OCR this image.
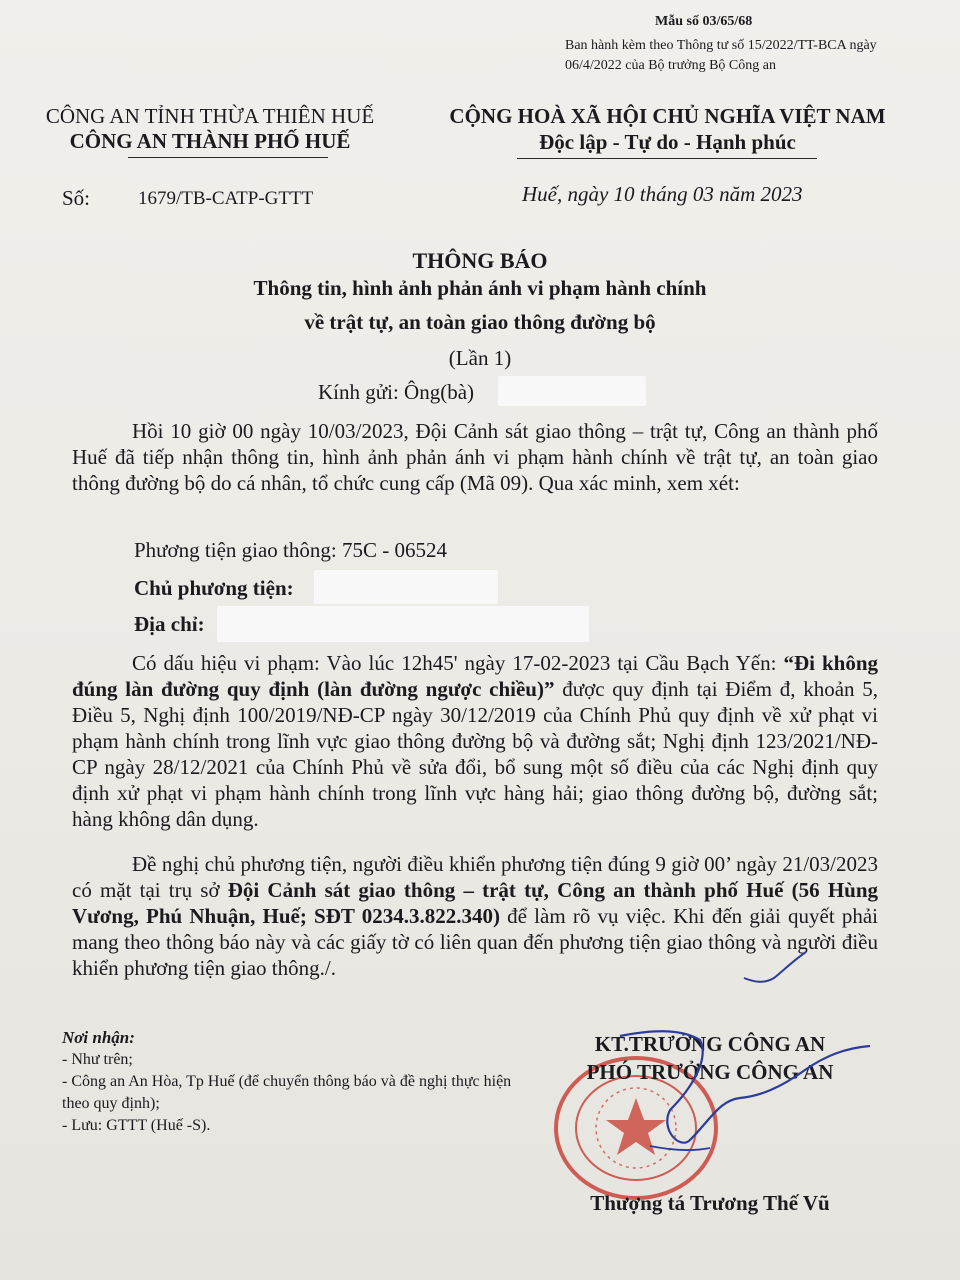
Mẫu số 03/65/68
Ban hành kèm theo Thông tư số 15/2022/TT-BCA ngày 06/4/2022 của Bộ trưởng Bộ Công an
CÔNG AN TỈNH THỪA THIÊN HUẾ
CÔNG AN THÀNH PHỐ HUẾ
CỘNG HOÀ XÃ HỘI CHỦ NGHĨA VIỆT NAM
Độc lập - Tự do - Hạnh phúc
Số:	1679/TB-CATP-GTTT	Huế, ngày 10 tháng 03 năm 2023
THÔNG BÁO
Thông tin, hình ảnh phản ánh vi phạm hành chính
về trật tự, an toàn giao thông đường bộ
(Lần 1)
Kính gửi: Ông(bà)
Hồi 10 giờ 00 ngày 10/03/2023, Đội Cảnh sát giao thông – trật tự, Công an thành phố Huế đã tiếp nhận thông tin, hình ảnh phản ánh vi phạm hành chính về trật tự, an toàn giao thông đường bộ do cá nhân, tổ chức cung cấp (Mã 09). Qua xác minh, xem xét:
Phương tiện giao thông: 75C - 06524
Chủ phương tiện:
Địa chỉ:
Có dấu hiệu vi phạm: Vào lúc 12h45' ngày 17-02-2023 tại Cầu Bạch Yến: “Đi không đúng làn đường quy định (làn đường ngược chiều)” được quy định tại Điểm đ, khoản 5, Điều 5, Nghị định 100/2019/NĐ-CP ngày 30/12/2019 của Chính Phủ quy định về xử phạt vi phạm hành chính trong lĩnh vực giao thông đường bộ và đường sắt; Nghị định 123/2021/NĐ-CP ngày 28/12/2021 của Chính Phủ về sửa đổi, bổ sung một số điều của các Nghị định quy định xử phạt vi phạm hành chính trong lĩnh vực hàng hải; giao thông đường bộ, đường sắt; hàng không dân dụng.
Đề nghị chủ phương tiện, người điều khiển phương tiện đúng 9 giờ 00’ ngày 21/03/2023 có mặt tại trụ sở Đội Cảnh sát giao thông – trật tự, Công an thành phố Huế (56 Hùng Vương, Phú Nhuận, Huế; SĐT 0234.3.822.340) để làm rõ vụ việc. Khi đến giải quyết phải mang theo thông báo này và các giấy tờ có liên quan đến phương tiện giao thông và người điều khiển phương tiện giao thông./.
Nơi nhận:
- Như trên;
- Công an An Hòa, Tp Huế (để chuyển thông báo và đề nghị thực hiện theo quy định);
- Lưu: GTTT (Huế -S).
KT.TRƯỞNG CÔNG AN
PHÓ TRƯỞNG CÔNG AN
Thượng tá Trương Thế Vũ
